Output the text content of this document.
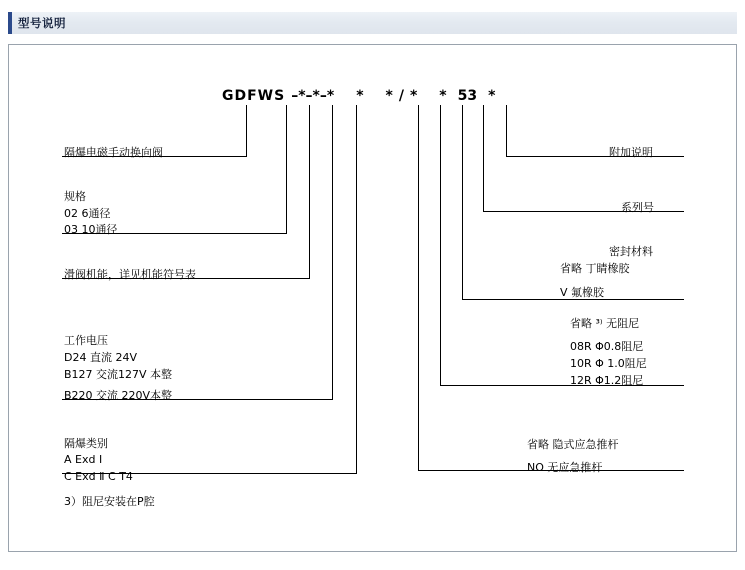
型号说明
GDFWS –*–*–* * * / * * 53 *
隔爆电磁手动换向阀
规格
02 6通径
03 10通径
滑阀机能，详见机能符号表
工作电压
D24 直流 24V
B127 交流127V 本整
B220 交流 220V本整
隔爆类别
A Exd Ⅰ
C Exd Ⅱ C T4
3）阻尼安装在P腔
附加说明
系列号
密封材料
省略 丁睛橡胶
V 氟橡胶
省略 ³⁾ 无阻尼
08R Φ0.8阻尼
10R Φ 1.0阻尼
12R Φ1.2阻尼
省略 隐式应急推杆
NO 无应急推杆
